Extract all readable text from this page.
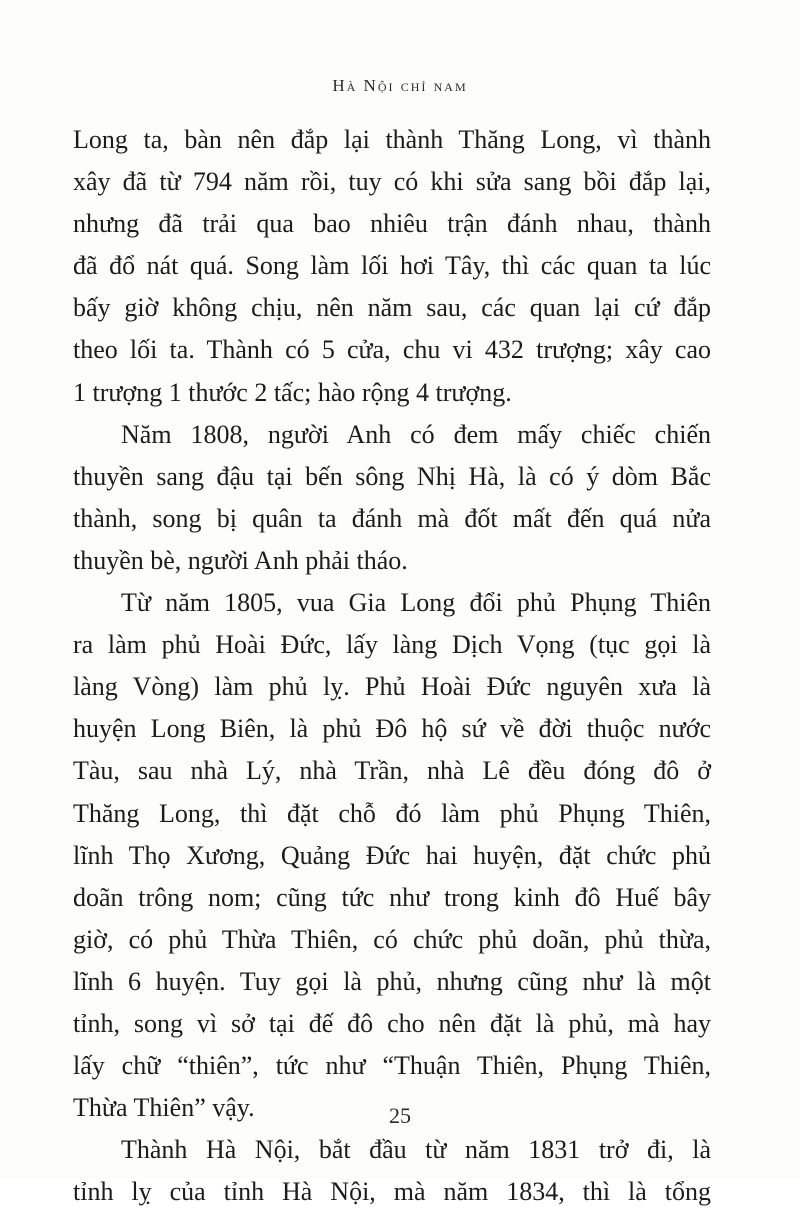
Hà Nội chỉ nam
Long ta, bàn nên đắp lại thành Thăng Long, vì thành
xây đã từ 794 năm rồi, tuy có khi sửa sang bồi đắp lại,
nhưng đã trải qua bao nhiêu trận đánh nhau, thành
đã đổ nát quá. Song làm lối hơi Tây, thì các quan ta lúc
bấy giờ không chịu, nên năm sau, các quan lại cứ đắp
theo lối ta. Thành có 5 cửa, chu vi 432 trượng; xây cao
1 trượng 1 thước 2 tấc; hào rộng 4 trượng.
Năm 1808, người Anh có đem mấy chiếc chiến
thuyền sang đậu tại bến sông Nhị Hà, là có ý dòm Bắc
thành, song bị quân ta đánh mà đốt mất đến quá nửa
thuyền bè, người Anh phải tháo.
Từ năm 1805, vua Gia Long đổi phủ Phụng Thiên
ra làm phủ Hoài Đức, lấy làng Dịch Vọng (tục gọi là
làng Vòng) làm phủ lỵ. Phủ Hoài Đức nguyên xưa là
huyện Long Biên, là phủ Đô hộ sứ về đời thuộc nước
Tàu, sau nhà Lý, nhà Trần, nhà Lê đều đóng đô ở
Thăng Long, thì đặt chỗ đó làm phủ Phụng Thiên,
lĩnh Thọ Xương, Quảng Đức hai huyện, đặt chức phủ
doãn trông nom; cũng tức như trong kinh đô Huế bây
giờ, có phủ Thừa Thiên, có chức phủ doãn, phủ thừa,
lĩnh 6 huyện. Tuy gọi là phủ, nhưng cũng như là một
tỉnh, song vì sở tại đế đô cho nên đặt là phủ, mà hay
lấy chữ “thiên”, tức như “Thuận Thiên, Phụng Thiên,
Thừa Thiên” vậy.
Thành Hà Nội, bắt đầu từ năm 1831 trở đi, là
tỉnh lỵ của tỉnh Hà Nội, mà năm 1834, thì là tổng
25
